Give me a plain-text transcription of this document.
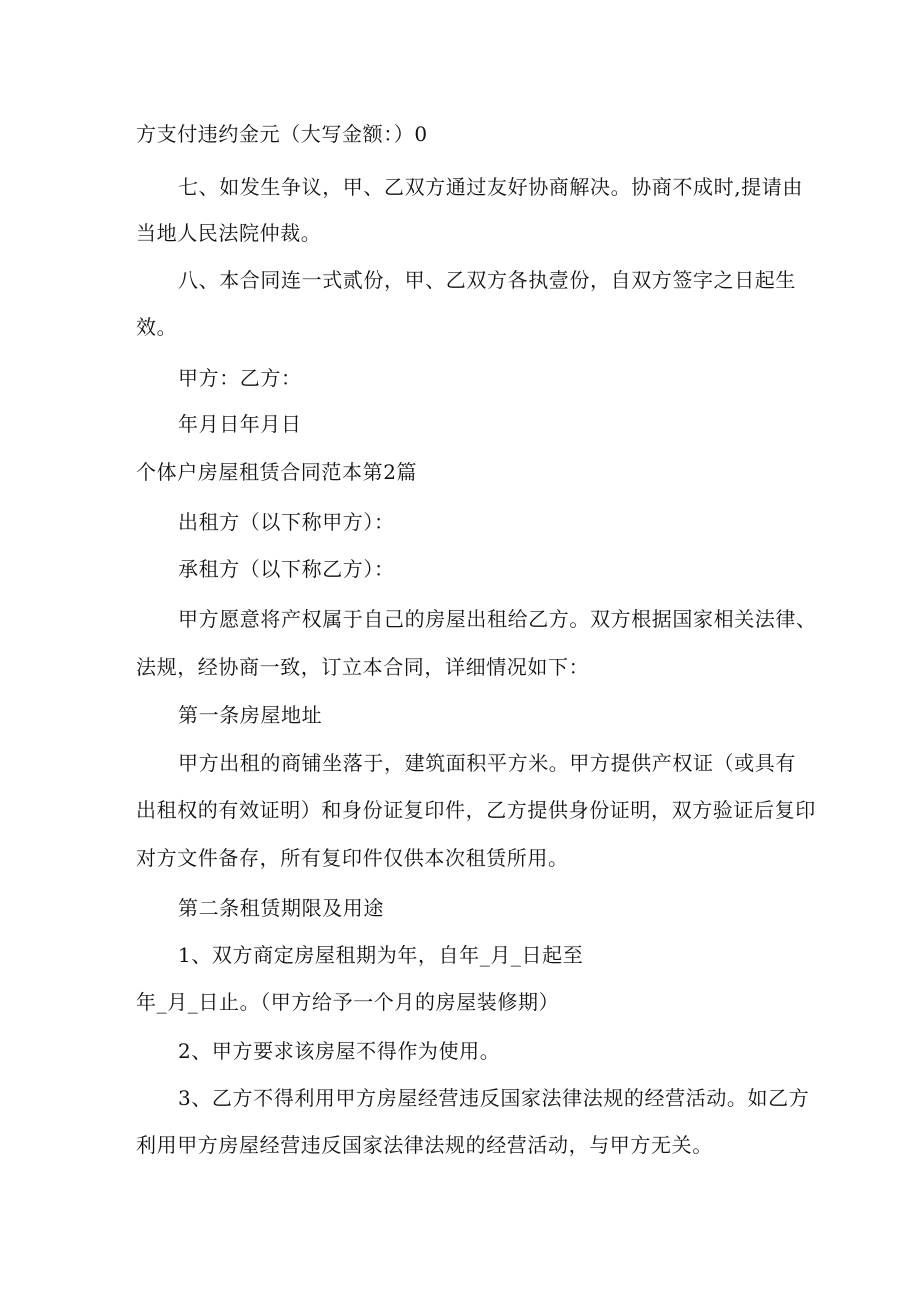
方支付违约金元（大写金额：）0
七、如发生争议，甲、乙双方通过友好协商解决。协商不成时,提请由
当地人民法院仲裁。
八、本合同连一式贰份，甲、乙双方各执壹份，自双方签字之日起生
效。
甲方：乙方：
年月日年月日
个体户房屋租赁合同范本第2篇
出租方（以下称甲方）：
承租方（以下称乙方）：
甲方愿意将产权属于自己的房屋出租给乙方。双方根据国家相关法律、
法规，经协商一致，订立本合同，详细情况如下：
第一条房屋地址
甲方出租的商铺坐落于，建筑面积平方米。甲方提供产权证（或具有
出租权的有效证明）和身份证复印件，乙方提供身份证明，双方验证后复印
对方文件备存，所有复印件仅供本次租赁所用。
第二条租赁期限及用途
1、双方商定房屋租期为年，自年_月_日起至
年_月_日止。（甲方给予一个月的房屋装修期）
2、甲方要求该房屋不得作为使用。
3、乙方不得利用甲方房屋经营违反国家法律法规的经营活动。如乙方
利用甲方房屋经营违反国家法律法规的经营活动，与甲方无关。
